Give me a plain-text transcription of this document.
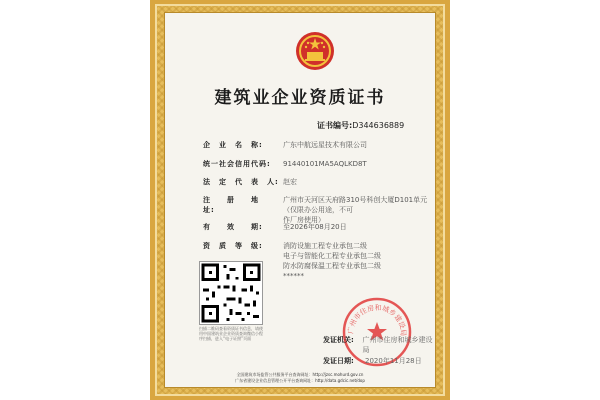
建筑业企业资质证书
证书编号:D344636889
企　业　名　称:	广东中航远星技术有限公司
统一社会信用代码:	91440101MA5AQLKD8T
法　定　代　表　人: 赵宏
注　　册　　地　　址:
广州市天河区天府路310号科创大厦D101单元（仅限办公用途，不可
作厂房使用）
有　　效　　期:	至2026年08月20日
资　质　等　级:	消防设施工程专业承包二级
电子与智能化工程专业承包二级
防水防腐保温工程专业承包二级
******
扫描二维码查看资质证书信息，请使用中国建筑业企业资质查询微信小程序扫描，进入“电子证照”页面
广州市住房和城乡建设局
发证机关:	广州市住房和城乡建设局
发证日期:	2020年11月28日
全国建筑市场监管公共服务平台查询网址：http://jzsc.mohurd.gov.cn
广东省建设企业信息管理公开平台查询网址：http://data.gdcic.net/dop
